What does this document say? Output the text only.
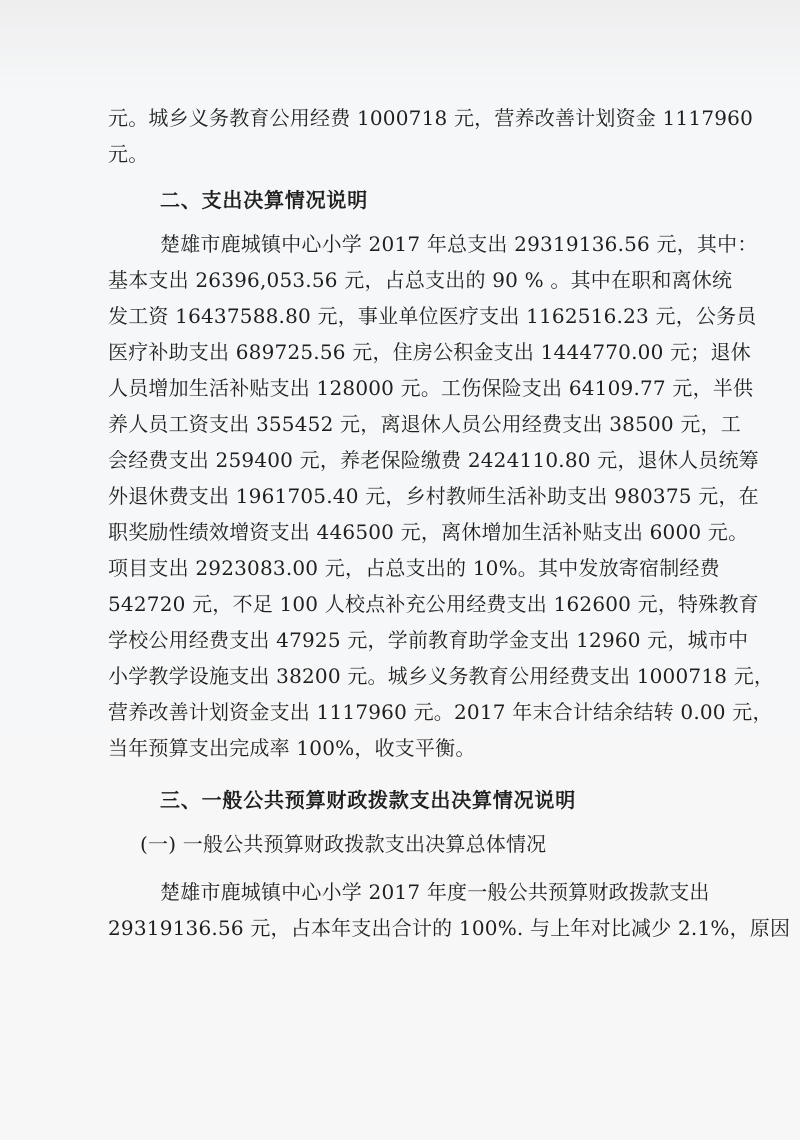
元。城乡义务教育公用经费 1000718 元，营养改善计划资金 1117960
元。
二、支出决算情况说明
楚雄市鹿城镇中心小学 2017 年总支出 29319136.56 元，其中：
基本支出 26396,053.56 元，占总支出的 90 % 。其中在职和离休统
发工资 16437588.80 元，事业单位医疗支出 1162516.23 元，公务员
医疗补助支出 689725.56 元，住房公积金支出 1444770.00 元；退休
人员增加生活补贴支出 128000 元。工伤保险支出 64109.77 元，半供
养人员工资支出 355452 元，离退休人员公用经费支出 38500 元，工
会经费支出 259400 元，养老保险缴费 2424110.80 元，退休人员统筹
外退休费支出 1961705.40 元，乡村教师生活补助支出 980375 元，在
职奖励性绩效增资支出 446500 元，离休增加生活补贴支出 6000 元。
项目支出 2923083.00 元，占总支出的 10%。其中发放寄宿制经费
542720 元，不足 100 人校点补充公用经费支出 162600 元，特殊教育
学校公用经费支出 47925 元，学前教育助学金支出 12960 元，城市中
小学教学设施支出 38200 元。城乡义务教育公用经费支出 1000718 元，
营养改善计划资金支出 1117960 元。2017 年末合计结余结转 0.00 元，
当年预算支出完成率 100%，收支平衡。
三、一般公共预算财政拨款支出决算情况说明
(一) 一般公共预算财政拨款支出决算总体情况
楚雄市鹿城镇中心小学 2017 年度一般公共预算财政拨款支出
29319136.56 元，占本年支出合计的 100%. 与上年对比减少 2.1%，原因
